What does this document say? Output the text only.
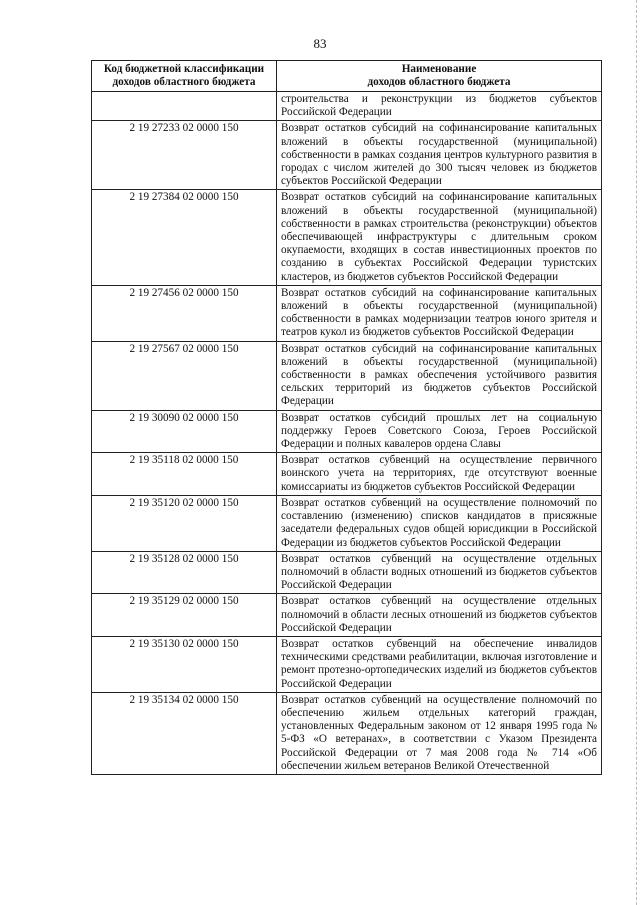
83
Код бюджетной классификации доходов областного бюджета	Наименование
доходов областного бюджета
	строительства и реконструкции из бюджетов субъектов Российской Федерации
2 19 27233 02 0000 150	Возврат остатков субсидий на софинансирование капитальных вложений в объекты государственной (муниципальной) собственности в рамках создания центров культурного развития в городах с числом жителей до 300 тысяч человек из бюджетов субъектов Российской Федерации
2 19 27384 02 0000 150	Возврат остатков субсидий на софинансирование капитальных вложений в объекты государственной (муниципальной) собственности в рамках строительства (реконструкции) объектов обеспечивающей инфраструктуры с длительным сроком окупаемости, входящих в состав инвестиционных проектов по созданию в субъектах Российской Федерации туристских кластеров, из бюджетов субъектов Российской Федерации
2 19 27456 02 0000 150	Возврат остатков субсидий на софинансирование капитальных вложений в объекты государственной (муниципальной) собственности в рамках модернизации театров юного зрителя и театров кукол из бюджетов субъектов Российской Федерации
2 19 27567 02 0000 150	Возврат остатков субсидий на софинансирование капитальных вложений в объекты государственной (муниципальной) собственности в рамках обеспечения устойчивого развития сельских территорий из бюджетов субъектов Российской Федерации
2 19 30090 02 0000 150	Возврат остатков субсидий прошлых лет на социальную поддержку Героев Советского Союза, Героев Российской Федерации и полных кавалеров ордена Славы
2 19 35118 02 0000 150	Возврат остатков субвенций на осуществление первичного воинского учета на территориях, где отсутствуют военные комиссариаты из бюджетов субъектов Российской Федерации
2 19 35120 02 0000 150	Возврат остатков субвенций на осуществление полномочий по составлению (изменению) списков кандидатов в присяжные заседатели федеральных судов общей юрисдикции в Российской Федерации из бюджетов субъектов Российской Федерации
2 19 35128 02 0000 150	Возврат остатков субвенций на осуществление отдельных полномочий в области водных отношений из бюджетов субъектов Российской Федерации
2 19 35129 02 0000 150	Возврат остатков субвенций на осуществление отдельных полномочий в области лесных отношений из бюджетов субъектов Российской Федерации
2 19 35130 02 0000 150	Возврат остатков субвенций на обеспечение инвалидов техническими средствами реабилитации, включая изготовление и ремонт протезно-ортопедических изделий из бюджетов субъектов Российской Федерации
2 19 35134 02 0000 150	Возврат остатков субвенций на осуществление полномочий по обеспечению жильем отдельных категорий граждан, установленных Федеральным законом от 12 января 1995 года № 5-ФЗ «О ветеранах», в соответствии с Указом Президента Российской Федерации от 7 мая 2008 года № 714 «Об обеспечении жильем ветеранов Великой Отечественной
